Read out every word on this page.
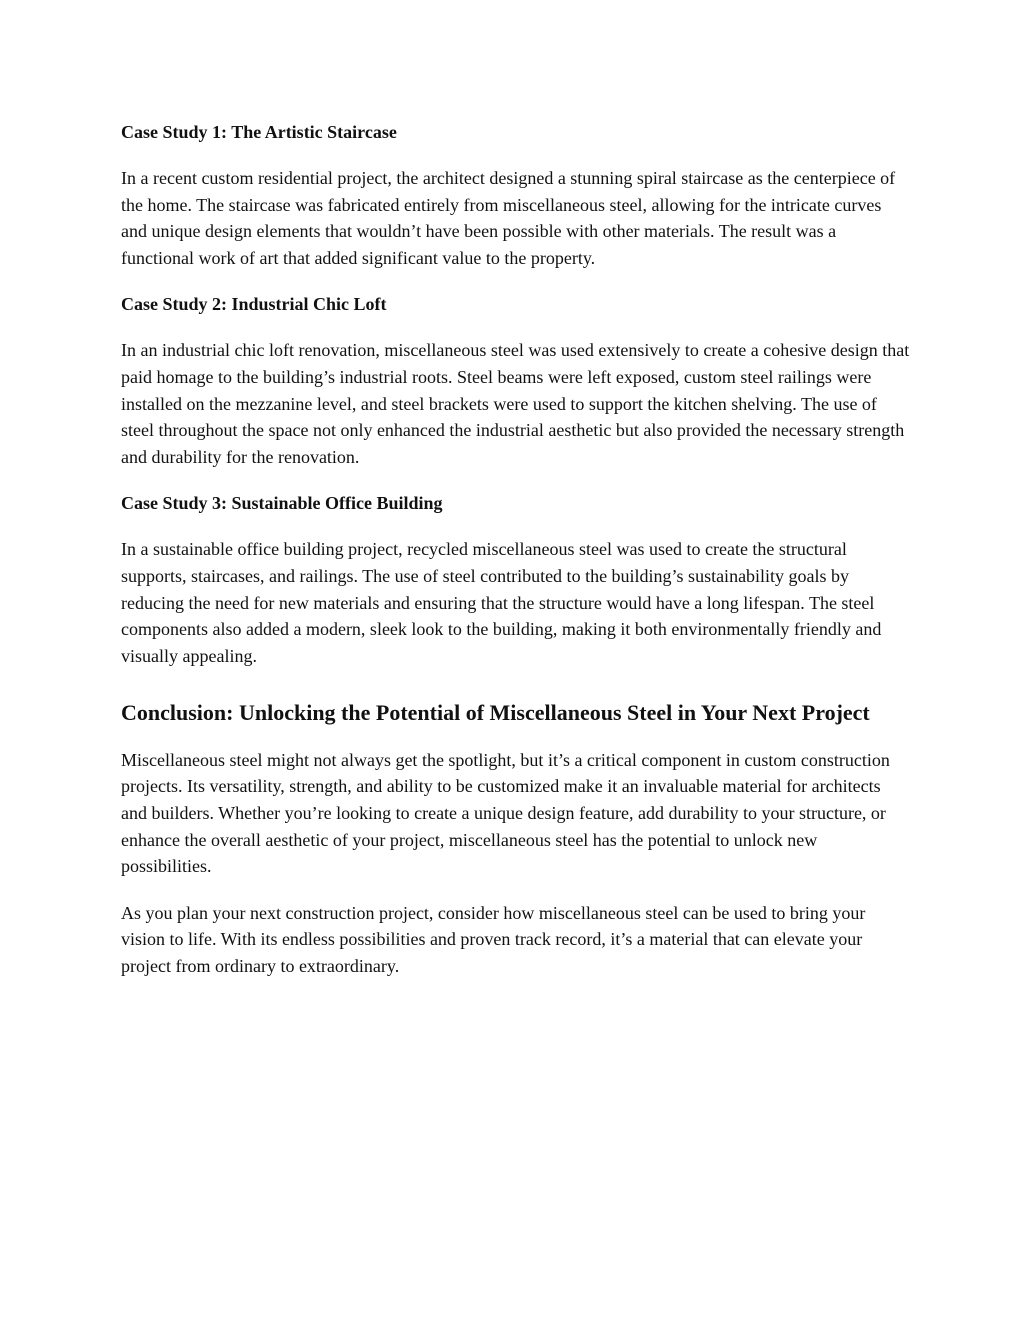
Case Study 1: The Artistic Staircase

In a recent custom residential project, the architect designed a stunning spiral staircase as the centerpiece of the home. The staircase was fabricated entirely from miscellaneous steel, allowing for the intricate curves and unique design elements that wouldn’t have been possible with other materials. The result was a functional work of art that added significant value to the property.

Case Study 2: Industrial Chic Loft

In an industrial chic loft renovation, miscellaneous steel was used extensively to create a cohesive design that paid homage to the building’s industrial roots. Steel beams were left exposed, custom steel railings were installed on the mezzanine level, and steel brackets were used to support the kitchen shelving. The use of steel throughout the space not only enhanced the industrial aesthetic but also provided the necessary strength and durability for the renovation.

Case Study 3: Sustainable Office Building

In a sustainable office building project, recycled miscellaneous steel was used to create the structural supports, staircases, and railings. The use of steel contributed to the building’s sustainability goals by reducing the need for new materials and ensuring that the structure would have a long lifespan. The steel components also added a modern, sleek look to the building, making it both environmentally friendly and visually appealing.

Conclusion: Unlocking the Potential of Miscellaneous Steel in Your Next Project

Miscellaneous steel might not always get the spotlight, but it’s a critical component in custom construction projects. Its versatility, strength, and ability to be customized make it an invaluable material for architects and builders. Whether you’re looking to create a unique design feature, add durability to your structure, or enhance the overall aesthetic of your project, miscellaneous steel has the potential to unlock new possibilities.

As you plan your next construction project, consider how miscellaneous steel can be used to bring your vision to life. With its endless possibilities and proven track record, it’s a material that can elevate your project from ordinary to extraordinary.
